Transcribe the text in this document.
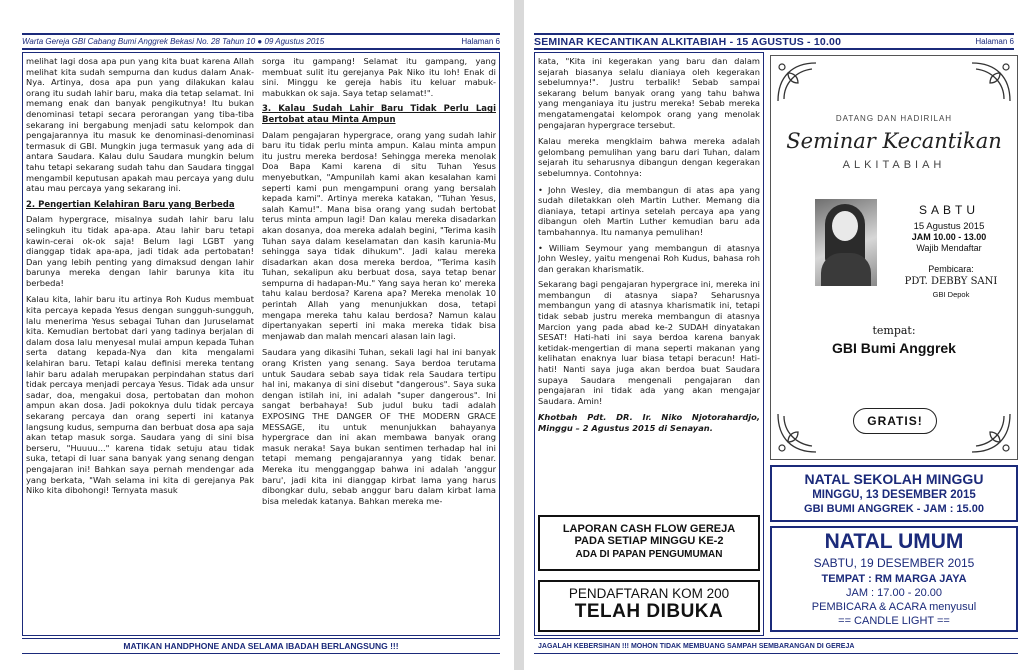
Warta Gereja GBI Cabang Bumi Anggrek Bekasi No. 28 Tahun 10 ● 09 Agustus 2015	Halaman 6

melihat lagi dosa apa pun yang kita buat karena Allah melihat kita sudah sempurna dan kudus dalam Anak-Nya. Artinya, dosa apa pun yang dilakukan kalau orang itu sudah lahir baru, maka dia tetap selamat. Ini memang enak dan banyak pengikutnya! Itu bukan denominasi tetapi secara perorangan yang tiba-tiba sekarang ini bergabung menjadi satu kelompok dan pengajarannya itu masuk ke denominasi-denominasi termasuk di GBI. Mungkin juga termasuk yang ada di antara Saudara. Kalau dulu Saudara mungkin belum tahu tetapi sekarang sudah tahu dan Saudara tinggal mengambil keputusan apakah mau percaya yang dulu atau mau percaya yang sekarang ini.

2. Pengertian Kelahiran Baru yang Berbeda

Dalam hypergrace, misalnya sudah lahir baru lalu selingkuh itu tidak apa-apa. Atau lahir baru tetapi kawin-cerai ok-ok saja! Belum lagi LGBT yang dianggap tidak apa-apa, jadi tidak ada pertobatan! Dan yang lebih penting yang dimaksud dengan lahir barunya mereka dengan lahir barunya kita itu berbeda!

Kalau kita, lahir baru itu artinya Roh Kudus membuat kita percaya kepada Yesus dengan sungguh-sungguh, lalu menerima Yesus sebagai Tuhan dan Juruselamat kita. Kemudian bertobat dari yang tadinya berjalan di dalam dosa lalu menyesal mulai ampun kepada Tuhan serta datang kepada-Nya dan kita mengalami kelahiran baru. Tetapi kalau definisi mereka tentang lahir baru adalah merupakan perpindahan status dari tidak percaya menjadi percaya Yesus. Tidak ada unsur sadar, doa, mengakui dosa, pertobatan dan mohon ampun akan dosa. Jadi pokoknya dulu tidak percaya sekarang percaya dan orang seperti ini katanya langsung kudus, sempurna dan berbuat dosa apa saja akan tetap masuk sorga. Saudara yang di sini bisa berseru, "Huuuu..." karena tidak setuju atau tidak suka, tetapi di luar sana banyak yang senang dengan pengajaran ini! Bahkan saya pernah mendengar ada yang berkata, "Wah selama ini kita di gerejanya Pak Niko kita dibohongi! Ternyata masuk

sorga itu gampang! Selamat itu gampang, yang membuat sulit itu gerejanya Pak Niko itu loh! Enak di sini. Minggu ke gereja habis itu keluar mabuk-mabukkan ok saja. Saya tetap selamat!".

3. Kalau Sudah Lahir Baru Tidak Perlu Lagi Bertobat atau Minta Ampun

Dalam pengajaran hypergrace, orang yang sudah lahir baru itu tidak perlu minta ampun. Kalau minta ampun itu justru mereka berdosa! Sehingga mereka menolak Doa Bapa Kami karena di situ Tuhan Yesus menyebutkan, "Ampunilah kami akan kesalahan kami seperti kami pun mengampuni orang yang bersalah kepada kami". Artinya mereka katakan, "Tuhan Yesus, salah Kamu!". Mana bisa orang yang sudah bertobat terus minta ampun lagi! Dan kalau mereka disadarkan akan dosanya, doa mereka adalah begini, "Terima kasih Tuhan saya dalam keselamatan dan kasih karunia-Mu sehingga saya tidak dihukum". Jadi kalau mereka disadarkan akan dosa mereka berdoa, "Terima kasih Tuhan, sekalipun aku berbuat dosa, saya tetap benar sempurna di hadapan-Mu." Yang saya heran ko' mereka tahu kalau berdosa? Karena apa? Mereka menolak 10 perintah Allah yang menunjukkan dosa, tetapi mengapa mereka tahu kalau berdosa? Namun kalau dipertanyakan seperti ini maka mereka tidak bisa menjawab dan malah mencari alasan lain lagi.

Saudara yang dikasihi Tuhan, sekali lagi hal ini banyak orang Kristen yang senang. Saya berdoa terutama untuk Saudara sebab saya tidak rela Saudara tertipu hal ini, makanya di sini disebut "dangerous". Saya suka dengan istilah ini, ini adalah "super dangerous". Ini sangat berbahaya! Sub judul buku tadi adalah EXPOSING THE DANGER OF THE MODERN GRACE MESSAGE, itu untuk menunjukkan bahayanya hypergrace dan ini akan membawa banyak orang masuk neraka! Saya bukan sentimen terhadap hal ini tetapi memang pengajarannya yang tidak benar. Mereka itu mengganggap bahwa ini adalah 'anggur baru', jadi kita ini dianggap kirbat lama yang harus dibongkar dulu, sebab anggur baru dalam kirbat lama bisa meledak katanya. Bahkan mereka me-

MATIKAN HANDPHONE ANDA SELAMA IBADAH BERLANGSUNG !!!
SEMINAR KECANTIKAN ALKITABIAH - 15 AGUSTUS - 10.00	Halaman 6

kata, "Kita ini kegerakan yang baru dan dalam sejarah biasanya selalu dianiaya oleh kegerakan sebelumnya!". Justru terbalik! Sebab sampai sekarang belum banyak orang yang tahu bahwa yang menganiaya itu justru mereka! Sebab mereka mengatamengatai kelompok orang yang menolak pengajaran hypergrace tersebut.

Kalau mereka mengklaim bahwa mereka adalah gelombang pemulihan yang baru dari Tuhan, dalam sejarah itu seharusnya dibangun dengan kegerakan sebelumnya. Contohnya:

• John Wesley, dia membangun di atas apa yang sudah diletakkan oleh Martin Luther. Memang dia dianiaya, tetapi artinya setelah percaya apa yang dibangun oleh Martin Luther kemudian baru ada tambahannya. Itu namanya pemulihan!
• William Seymour yang membangun di atasnya John Wesley, yaitu mengenai Roh Kudus, bahasa roh dan gerakan kharismatik.

Sekarang bagi pengajaran hypergrace ini, mereka ini membangun di atasnya siapa? Seharusnya membangun yang di atasnya kharismatik ini, tetapi tidak sebab justru mereka membangun di atasnya Marcion yang pada abad ke-2 SUDAH dinyatakan SESAT! Hati-hati ini saya berdoa karena banyak ketidak-mengertian di mana seperti makanan yang kelihatan enaknya luar biasa tetapi beracun! Hati-hati! Nanti saya juga akan berdoa buat Saudara supaya Saudara mengenali pengajaran dan pengajaran ini tidak ada yang akan mengajar Saudara. Amin!

Khotbah Pdt. DR. Ir. Niko Njotorahardjo, Minggu – 2 Agustus 2015 di Senayan.

LAPORAN CASH FLOW GEREJA
PADA SETIAP MINGGU KE-2
ADA DI PAPAN PENGUMUMAN
PENDAFTARAN KOM 200
TELAH DIBUKA
DATANG DAN HADIRILAH
Seminar Kecantikan
ALKITABIAH
SABTU
15 Agustus 2015
JAM 10.00 - 13.00
Wajib Mendaftar
Pembicara:
PDT. DEBBY SANI
GBI Depok
tempat:
GBI Bumi Anggrek
GRATIS!
NATAL SEKOLAH MINGGU
MINGGU, 13 DESEMBER 2015
GBI BUMI ANGGREK - JAM : 15.00
NATAL UMUM
SABTU, 19 DESEMBER 2015
TEMPAT : RM MARGA JAYA
JAM : 17.00 - 20.00
PEMBICARA & ACARA menyusul
== CANDLE LIGHT ==
JAGALAH KEBERSIHAN !!! MOHON TIDAK MEMBUANG SAMPAH SEMBARANGAN DI GEREJA
